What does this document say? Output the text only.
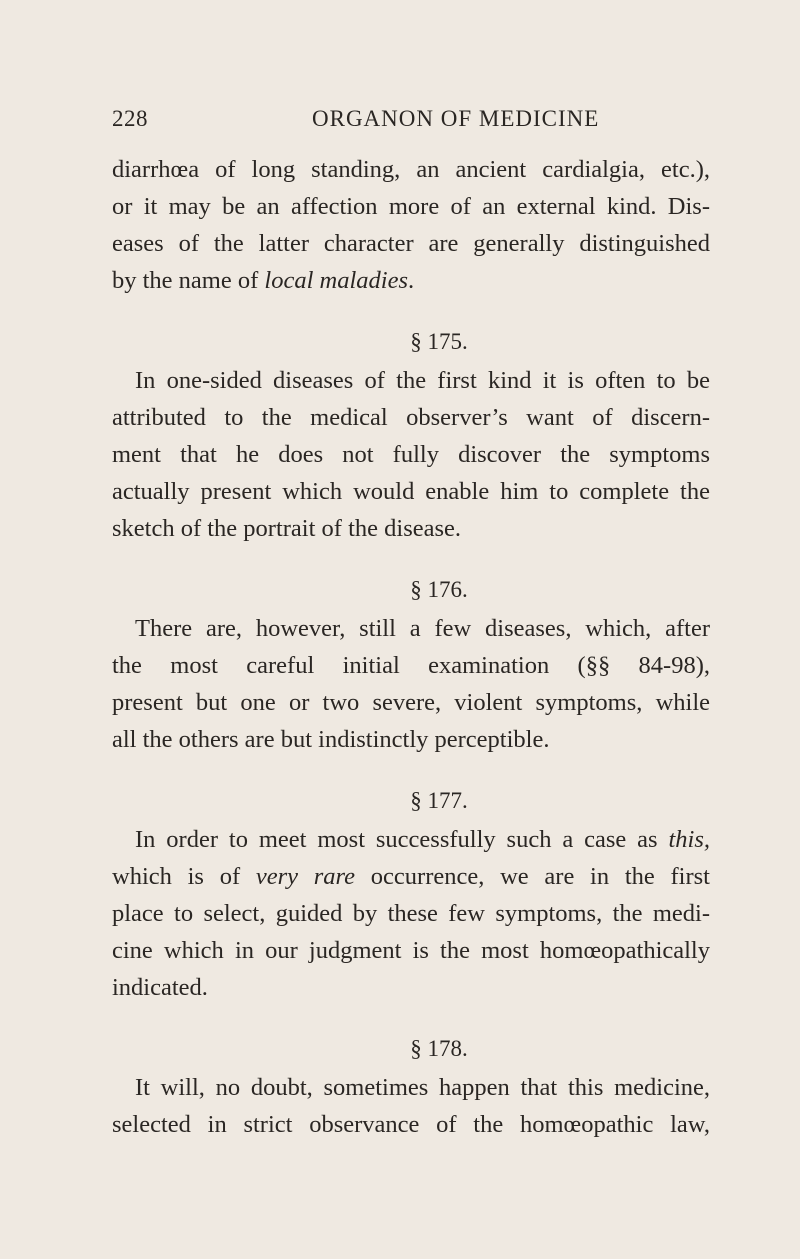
228	ORGANON OF MEDICINE

diarrhœa of long standing, an ancient cardialgia, etc.),

or it may be an affection more of an external kind. Dis-

eases of the latter character are generally distinguished

by the name of local maladies.

§ 175.

In one-sided diseases of the first kind it is often to be

attributed to the medical observer’s want of discern-

ment that he does not fully discover the symptoms

actually present which would enable him to complete the

sketch of the portrait of the disease.

§ 176.

There are, however, still a few diseases, which, after

the most careful initial examination (§§ 84-98),

present but one or two severe, violent symptoms, while

all the others are but indistinctly perceptible.

§ 177.

In order to meet most successfully such a case as this,

which is of very rare occurrence, we are in the first

place to select, guided by these few symptoms, the medi-

cine which in our judgment is the most homœopathically

indicated.

§ 178.

It will, no doubt, sometimes happen that this medicine,

selected in strict observance of the homœopathic law,
